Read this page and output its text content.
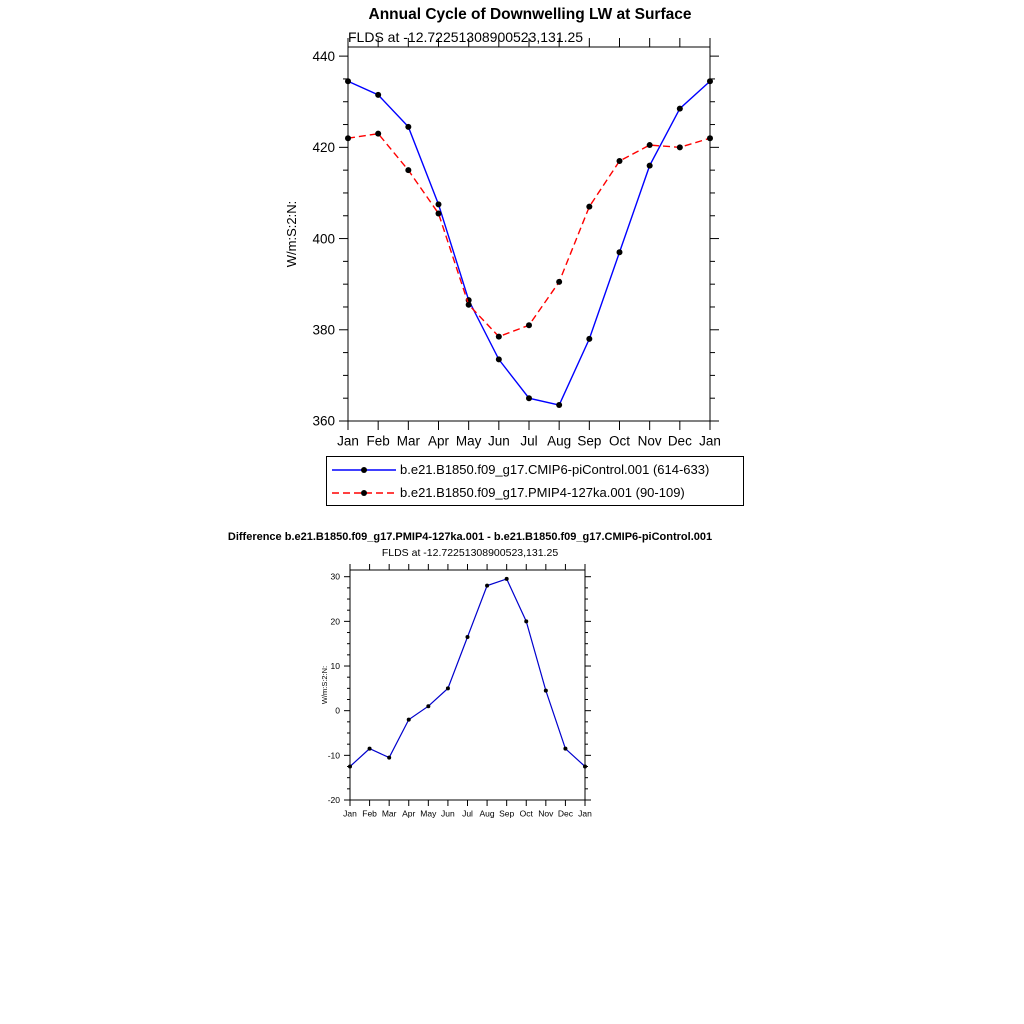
Annual Cycle of Downwelling LW at Surface
FLDS at -12.72251308900523,131.25
360
380
400
420
440
Jan Feb Mar Apr May Jun Jul Aug Sep Oct Nov Dec Jan
W/m:S:2:N:
b.e21.B1850.f09_g17.CMIP6-piControl.001 (614-633)
b.e21.B1850.f09_g17.PMIP4-127ka.001 (90-109)
Difference b.e21.B1850.f09_g17.PMIP4-127ka.001 - b.e21.B1850.f09_g17.CMIP6-piControl.001
FLDS at -12.72251308900523,131.25
-20
-10
0
10
20
30
Jan Feb Mar Apr May Jun Jul Aug Sep Oct Nov Dec Jan
W/m:S:2:N:
